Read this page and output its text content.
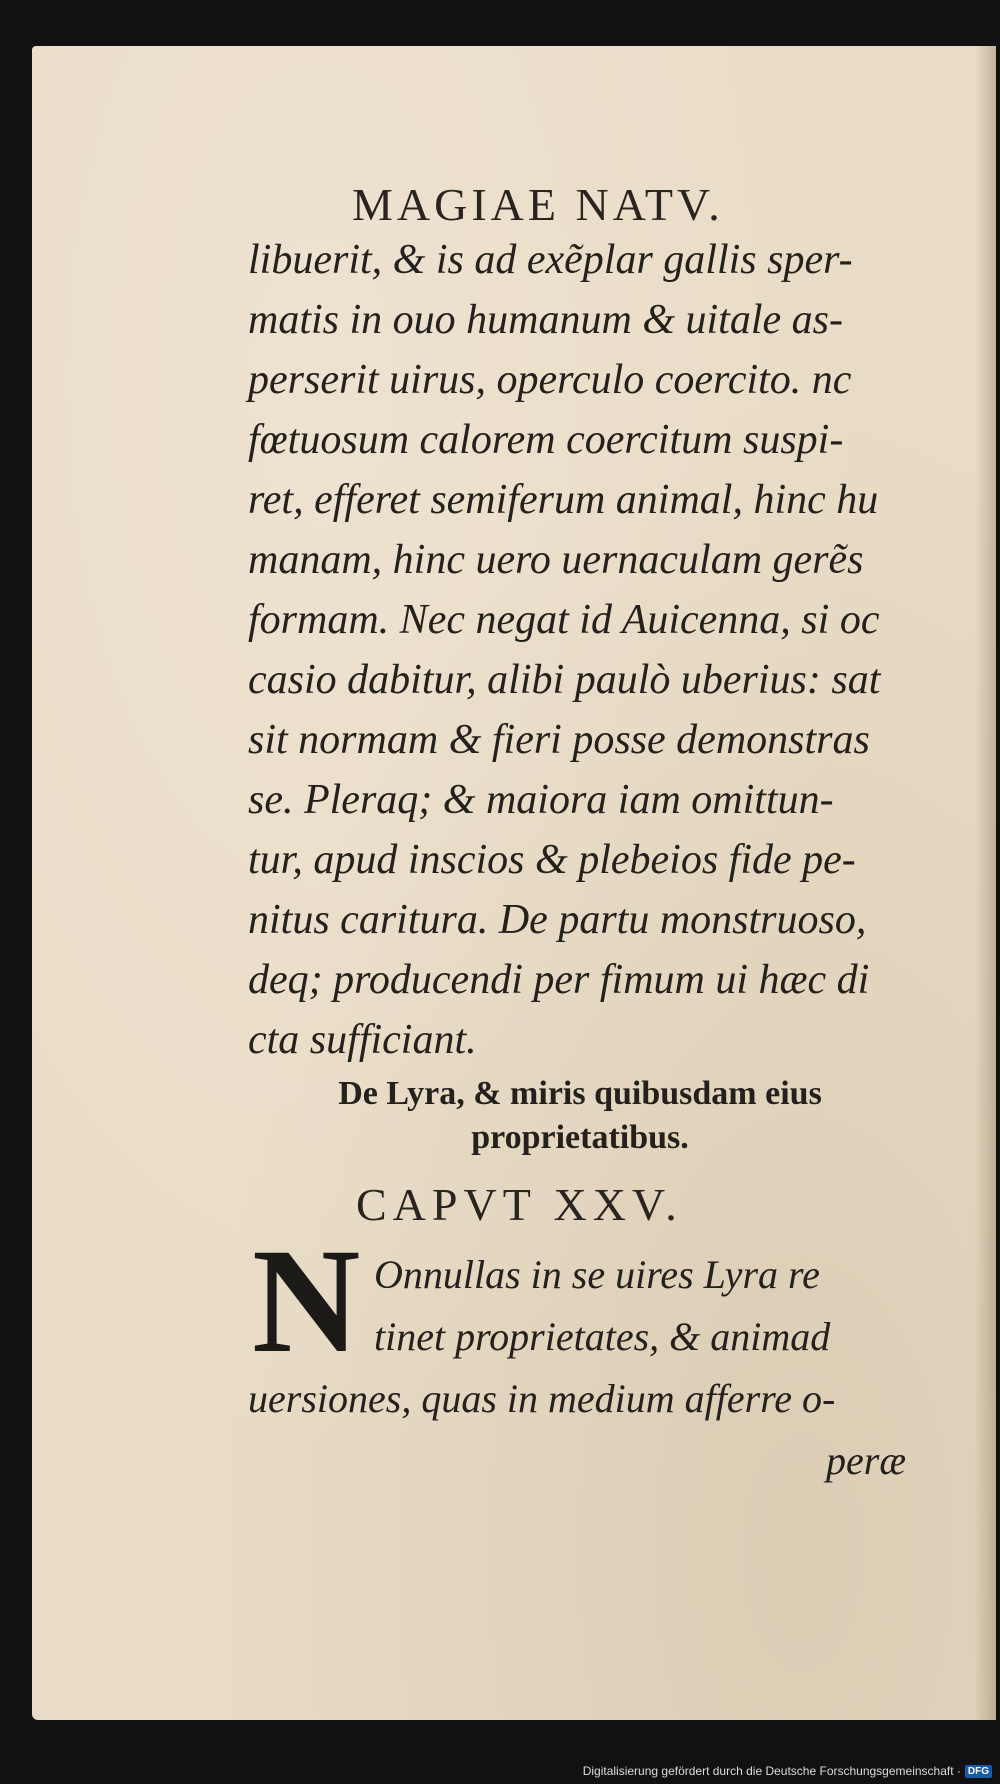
MAGIAE NATV.
libuerit, & is ad exẽplar gallis sper-
matis in ouo humanum & uitale as-
perserit uirus, operculo coercito. nc
fœtuosum calorem coercitum suspi-
ret, efferet semiferum animal, hinc hu
manam, hinc uero uernaculam gerẽs
formam. Nec negat id Auicenna, si oc
casio dabitur, alibi paulò uberius: sat
sit normam & fieri posse demonstras
se. Pleraq; & maiora iam omittun-
tur, apud inscios & plebeios fide pe-
nitus caritura. De partu monstruoso,
deq; producendi per fimum ui hæc di
cta sufficiant.
De Lyra, & miris quibusdam eius
proprietatibus.
CAPVT XXV.
N Onnullas in se uires Lyra re
tinet proprietates, & animad
uersiones, quas in medium afferre o-
peræ
Digitalisierung gefördert durch die Deutsche Forschungsgemeinschaft · DFG
